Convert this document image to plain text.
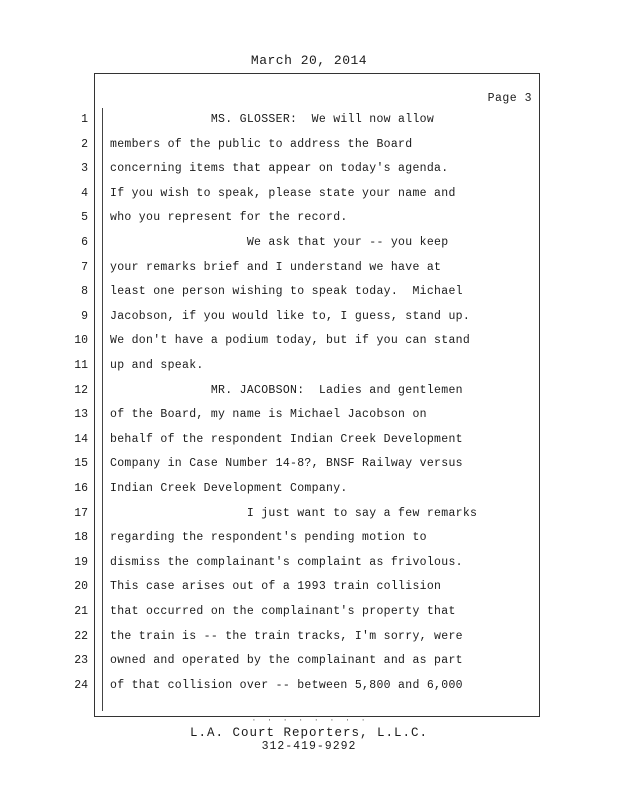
March 20, 2014
Page 3
1 MS. GLOSSER:  We will now allow
2 members of the public to address the Board
3 concerning items that appear on today's agenda.
4 If you wish to speak, please state your name and
5 who you represent for the record.
6 We ask that your -- you keep
7 your remarks brief and I understand we have at
8 least one person wishing to speak today.  Michael
9 Jacobson, if you would like to, I guess, stand up.
10 We don't have a podium today, but if you can stand
11 up and speak.
12 MR. JACOBSON:  Ladies and gentlemen
13 of the Board, my name is Michael Jacobson on
14 behalf of the respondent Indian Creek Development
15 Company in Case Number 14-8?, BNSF Railway versus
16 Indian Creek Development Company.
17 I just want to say a few remarks
18 regarding the respondent's pending motion to
19 dismiss the complainant's complaint as frivolous.
20 This case arises out of a 1993 train collision
21 that occurred on the complainant's property that
22 the train is -- the train tracks, I'm sorry, were
23 owned and operated by the complainant and as part
24 of that collision over -- between 5,800 and 6,000
· · · · · · · ·
L.A. Court Reporters, L.L.C.
312-419-9292
